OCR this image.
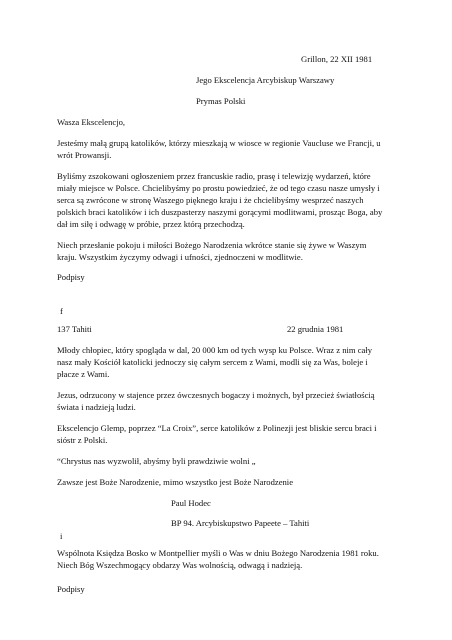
Grillon, 22 XII 1981
Jego Ekscelencja Arcybiskup Warszawy
Prymas Polski
Wasza Ekscelencjo,
Jesteśmy małą grupą katolików, którzy mieszkają w wiosce w regionie Vaucluse we Francji, u
wrót Prowansji.
Byliśmy zszokowani ogłoszeniem przez francuskie radio, prasę i telewizję wydarzeń, które
miały miejsce w Polsce. Chcielibyśmy po prostu powiedzieć, że od tego czasu nasze umysły i
serca są zwrócone w stronę Waszego pięknego kraju i że chcielibyśmy wesprzeć naszych
polskich braci katolików i ich duszpasterzy naszymi gorącymi modlitwami, prosząc Boga, aby
dał im siłę i odwagę w próbie, przez którą przechodzą.
Niech przesłanie pokoju i miłości Bożego Narodzenia wkrótce stanie się żywe w Waszym
kraju. Wszystkim życzymy odwagi i ufności, zjednoczeni w modlitwie.
Podpisy
f
137 Tahiti	22 grudnia 1981
Młody chłopiec, który spogląda w dal, 20 000 km od tych wysp ku Polsce. Wraz z nim cały
nasz mały Kościół katolicki jednoczy się całym sercem z Wami, modli się za Was, boleje i
płacze z Wami.
Jezus, odrzucony w stajence przez ówczesnych bogaczy i możnych, był przecież światłością
świata i nadzieją ludzi.
Ekscelencjo Glemp, poprzez “La Croix”, serce katolików z Polinezji jest bliskie sercu braci i
sióstr z Polski.
“Chrystus nas wyzwolił, abyśmy byli prawdziwie wolni „
Zawsze jest Boże Narodzenie, mimo wszystko jest Boże Narodzenie
Paul Hodec
BP 94. Arcybiskupstwo Papeete – Tahiti
i
Wspólnota Księdza Bosko w Montpellier myśli o Was w dniu Bożego Narodzenia 1981 roku.
Niech Bóg Wszechmogący obdarzy Was wolnością, odwagą i nadzieją.
Podpisy
